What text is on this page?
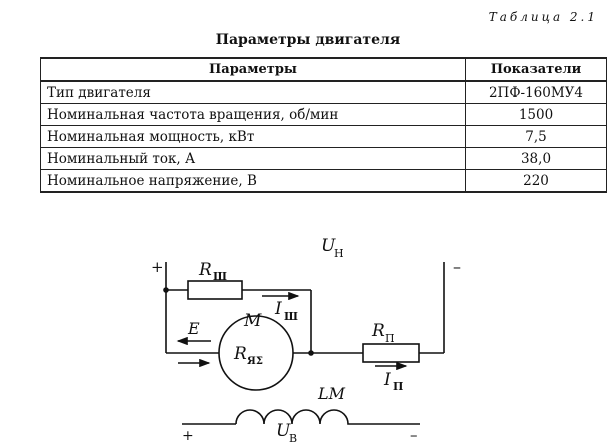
Таблица 2.1
Параметры двигателя
Параметры	Показатели
Тип двигателя	2ПФ-160МУ4
Номинальная частота вращения, об/мин	1500
Номинальная мощность, кВт	7,5
Номинальный ток, А	38,0
Номинальное напряжение, В	220
+	–
+	–
R Ш
I Ш
U
Н
M
E
R ЯΣ
R П
I П
LM
U
В
